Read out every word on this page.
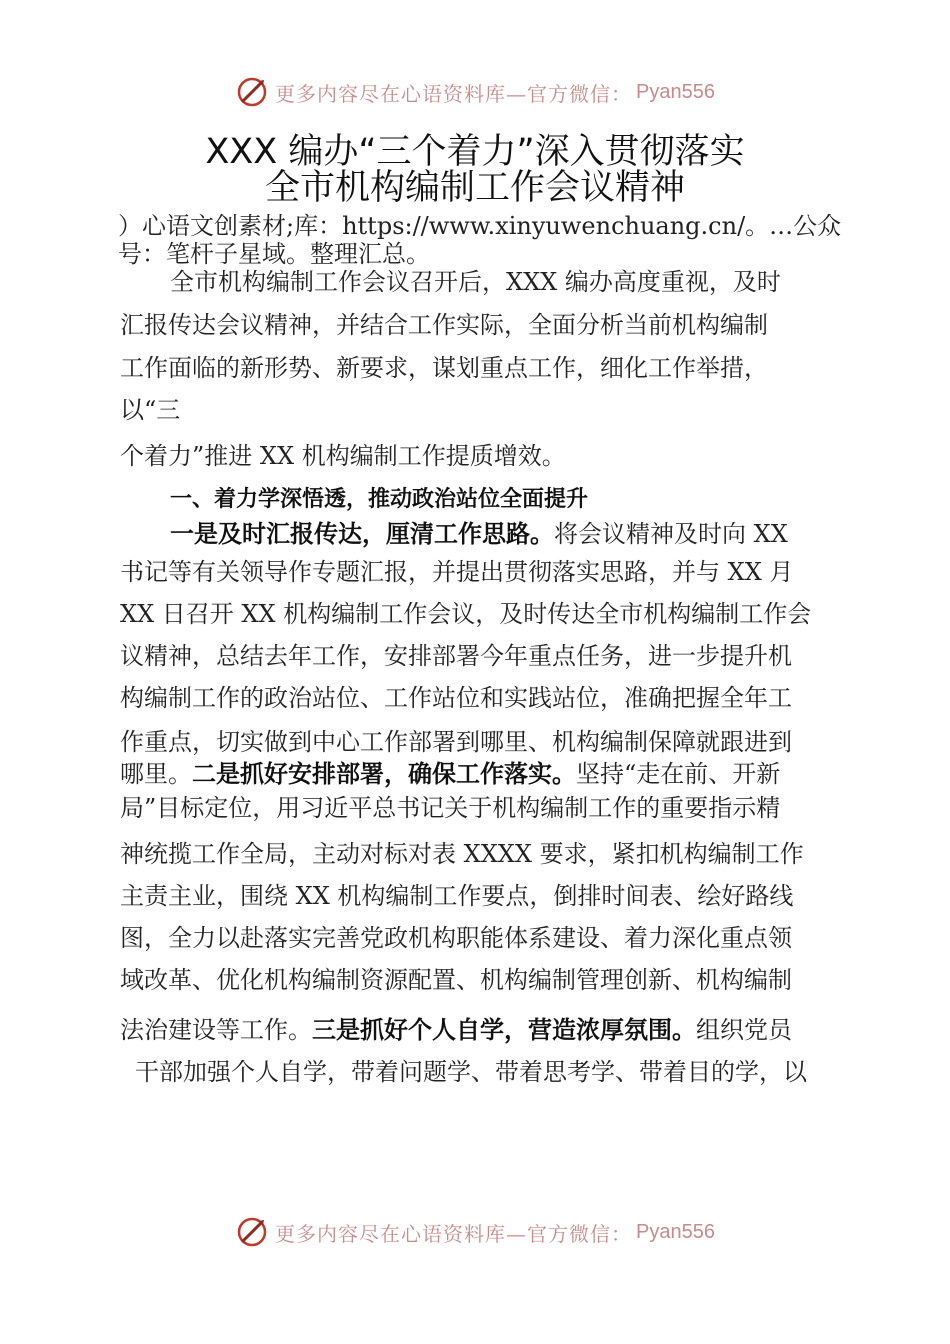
更多内容尽在心语资料库—官方微信： Pyan556
XXX 编办“三个着力”深入贯彻落实
全市机构编制工作会议精神
）心语文创素材;库：https://www.xinyuwenchuang.cn/。…公众
号：笔杆子星域。整理汇总。
全市机构编制工作会议召开后，XXX 编办高度重视，及时
汇报传达会议精神，并结合工作实际，全面分析当前机构编制
工作面临的新形势、新要求，谋划重点工作，细化工作举措，
以“三
个着力”推进 XX 机构编制工作提质增效。
一、着力学深悟透，推动政治站位全面提升
一是及时汇报传达，厘清工作思路。将会议精神及时向 XX
书记等有关领导作专题汇报，并提出贯彻落实思路，并与 XX 月
XX 日召开 XX 机构编制工作会议，及时传达全市机构编制工作会
议精神，总结去年工作，安排部署今年重点任务，进一步提升机
构编制工作的政治站位、工作站位和实践站位，准确把握全年工
作重点，切实做到中心工作部署到哪里、机构编制保障就跟进到
哪里。二是抓好安排部署，确保工作落实。坚持“走在前、开新
局”目标定位，用习近平总书记关于机构编制工作的重要指示精
神统揽工作全局，主动对标对表 XXXX 要求，紧扣机构编制工作
主责主业，围绕 XX 机构编制工作要点，倒排时间表、绘好路线
图，全力以赴落实完善党政机构职能体系建设、着力深化重点领
域改革、优化机构编制资源配置、机构编制管理创新、机构编制
法治建设等工作。三是抓好个人自学，营造浓厚氛围。组织党员
干部加强个人自学，带着问题学、带着思考学、带着目的学，以
更多内容尽在心语资料库—官方微信： Pyan556
